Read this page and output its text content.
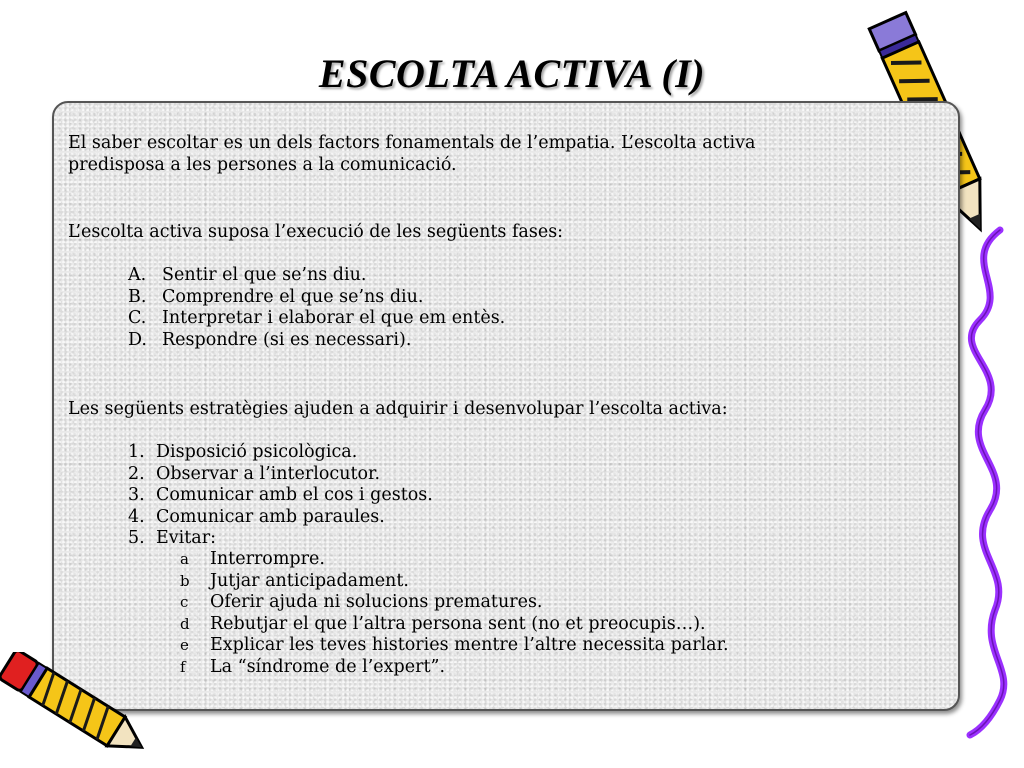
ESCOLTA ACTIVA (I)
El saber escoltar es un dels factors fonamentals de l’empatia. L’escolta activa
predisposa a les persones a la comunicació.
L’escolta activa suposa l’execució de les següents fases:
A. Sentir el que se’ns diu.
B. Comprendre el que se’ns diu.
C. Interpretar i elaborar el que em entès.
D. Respondre (si es necessari).
Les següents estratègies ajuden a adquirir i desenvolupar l’escolta activa:
1. Disposició psicològica.
2. Observar a l’interlocutor.
3. Comunicar amb el cos i gestos.
4. Comunicar amb paraules.
5. Evitar:
a	Interrompre.
b	Jutjar anticipadament.
c	Oferir ajuda ni solucions prematures.
d	Rebutjar el que l’altra persona sent (no et preocupis…).
e	Explicar les teves histories mentre l’altre necessita parlar.
f	La “síndrome de l’expert”.
